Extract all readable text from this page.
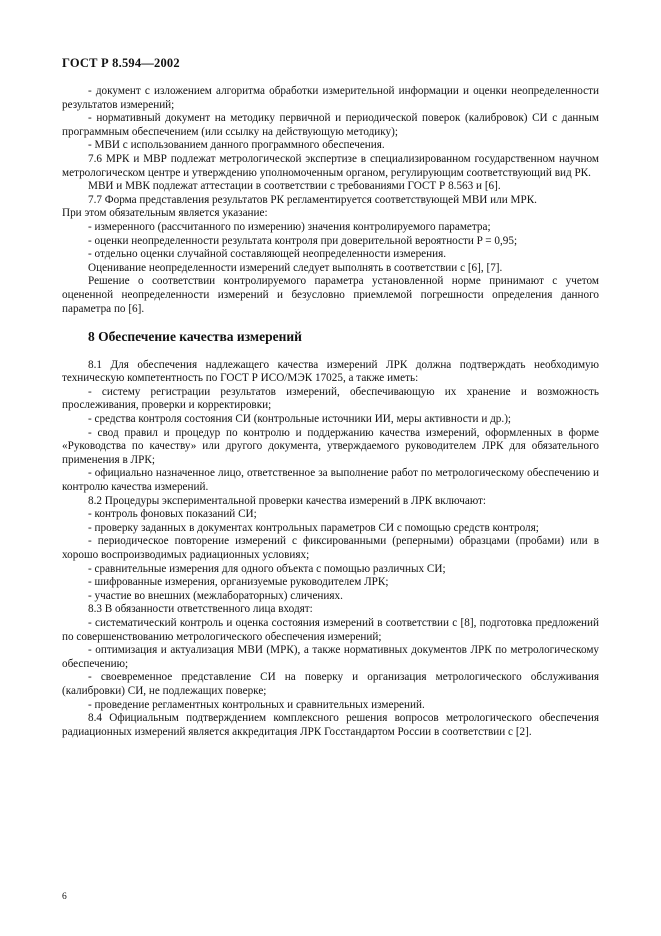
ГОСТ Р 8.594—2002

- документ с изложением алгоритма обработки измерительной информации и оценки неопределенности результатов измерений;

- нормативный документ на методику первичной и периодической поверок (калибровок) СИ с данным программным обеспечением (или ссылку на действующую методику);

- МВИ с использованием данного программного обеспечения.

7.6 МРК и МВР подлежат метрологической экспертизе в специализированном государственном научном метрологическом центре и утверждению уполномоченным органом, регулирующим соответствующий вид РК.

МВИ и МВК подлежат аттестации в соответствии с требованиями ГОСТ Р 8.563 и [6].

7.7 Форма представления результатов РК регламентируется соответствующей МВИ или МРК.

При этом обязательным является указание:

- измеренного (рассчитанного по измерению) значения контролируемого параметра;

- оценки неопределенности результата контроля при доверительной вероятности P = 0,95;

- отдельно оценки случайной составляющей неопределенности измерения.

Оценивание неопределенности измерений следует выполнять в соответствии с [6], [7].

Решение о соответствии контролируемого параметра установленной норме принимают с учетом оцененной неопределенности измерений и безусловно приемлемой погрешности определения данного параметра по [6].

8 Обеспечение качества измерений

8.1 Для обеспечения надлежащего качества измерений ЛРК должна подтверждать необходимую техническую компетентность по ГОСТ Р ИСО/МЭК 17025, а также иметь:

- систему регистрации результатов измерений, обеспечивающую их хранение и возможность прослеживания, проверки и корректировки;

- средства контроля состояния СИ (контрольные источники ИИ, меры активности и др.);

- свод правил и процедур по контролю и поддержанию качества измерений, оформленных в форме «Руководства по качеству» или другого документа, утверждаемого руководителем ЛРК для обязательного применения в ЛРК;

- официально назначенное лицо, ответственное за выполнение работ по метрологическому обеспечению и контролю качества измерений.

8.2 Процедуры экспериментальной проверки качества измерений в ЛРК включают:

- контроль фоновых показаний СИ;

- проверку заданных в документах контрольных параметров СИ с помощью средств контроля;

- периодическое повторение измерений с фиксированными (реперными) образцами (пробами) или в хорошо воспроизводимых радиационных условиях;

- сравнительные измерения для одного объекта с помощью различных СИ;

- шифрованные измерения, организуемые руководителем ЛРК;

- участие во внешних (межлабораторных) сличениях.

8.3 В обязанности ответственного лица входят:

- систематический контроль и оценка состояния измерений в соответствии с [8], подготовка предложений по совершенствованию метрологического обеспечения измерений;

- оптимизация и актуализация МВИ (МРК), а также нормативных документов ЛРК по метрологическому обеспечению;

- своевременное представление СИ на поверку и организация метрологического обслуживания (калибровки) СИ, не подлежащих поверке;

- проведение регламентных контрольных и сравнительных измерений.

8.4 Официальным подтверждением комплексного решения вопросов метрологического обеспечения радиационных измерений является аккредитация ЛРК Госстандартом России в соответствии с [2].

6
